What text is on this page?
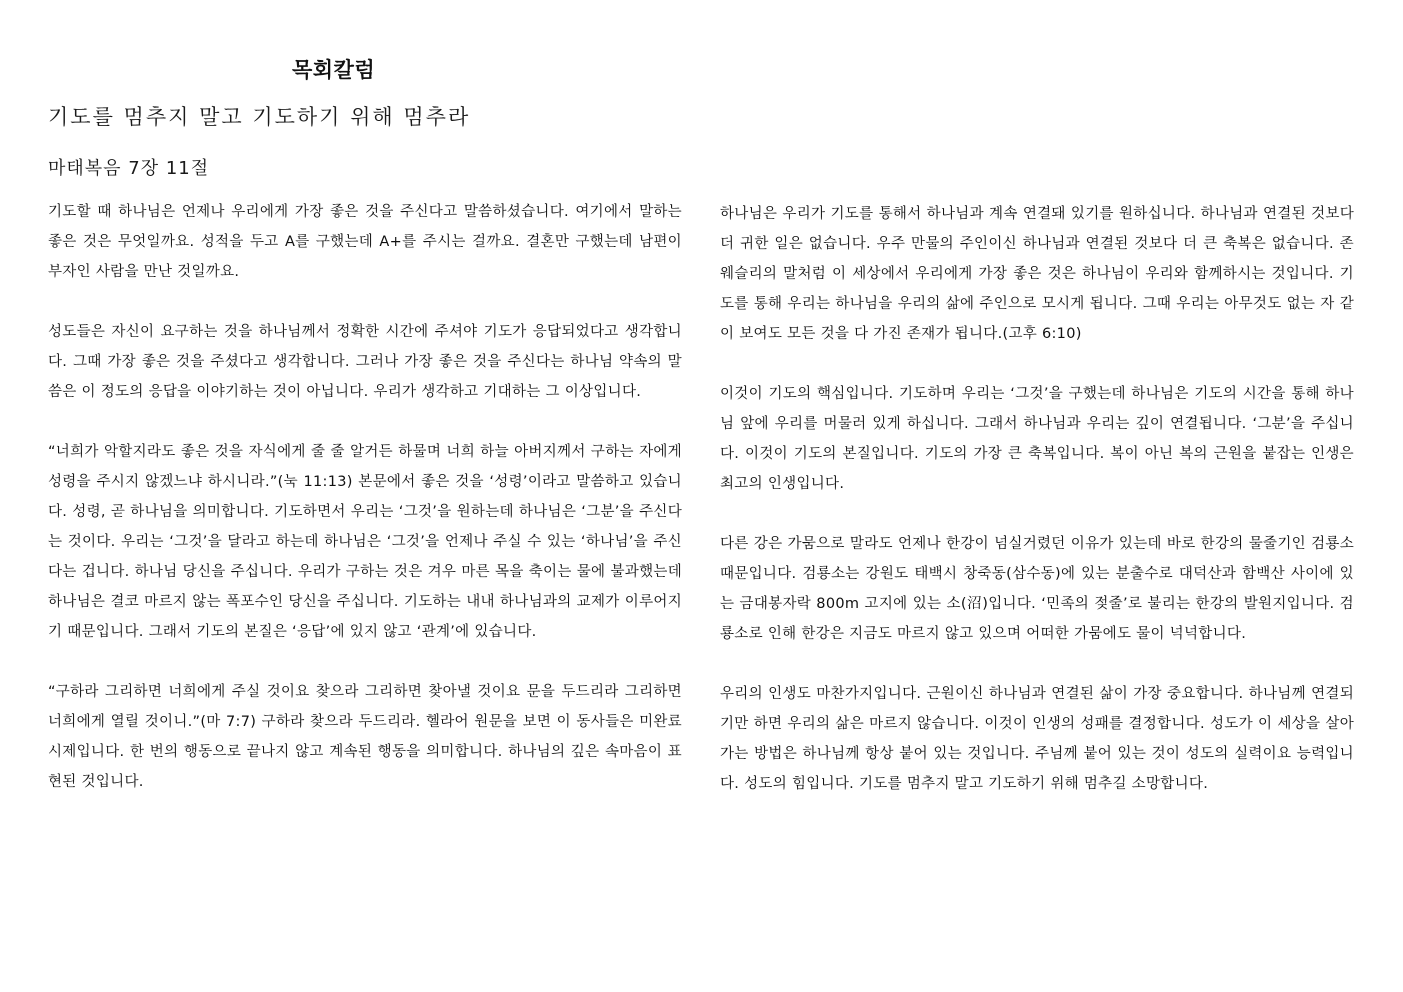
목회칼럼
기도를 멈추지 말고 기도하기 위해 멈추라
마태복음 7장 11절

기도할 때 하나님은 언제나 우리에게 가장 좋은 것을 주신다고 말씀하셨습니다. 여기에서 말하는 좋은 것은 무엇일까요. 성적을 두고 A를 구했는데 A+를 주시는 걸까요. 결혼만 구했는데 남편이 부자인 사람을 만난 것일까요.

성도들은 자신이 요구하는 것을 하나님께서 정확한 시간에 주셔야 기도가 응답되었다고 생각합니다. 그때 가장 좋은 것을 주셨다고 생각합니다. 그러나 가장 좋은 것을 주신다는 하나님 약속의 말씀은 이 정도의 응답을 이야기하는 것이 아닙니다. 우리가 생각하고 기대하는 그 이상입니다.

“너희가 악할지라도 좋은 것을 자식에게 줄 줄 알거든 하물며 너희 하늘 아버지께서 구하는 자에게 성령을 주시지 않겠느냐 하시니라.”(눅 11:13) 본문에서 좋은 것을 ‘성령’이라고 말씀하고 있습니다. 성령, 곧 하나님을 의미합니다. 기도하면서 우리는 ‘그것’을 원하는데 하나님은 ‘그분’을 주신다는 것이다. 우리는 ‘그것’을 달라고 하는데 하나님은 ‘그것’을 언제나 주실 수 있는 ‘하나님’을 주신다는 겁니다. 하나님 당신을 주십니다. 우리가 구하는 것은 겨우 마른 목을 축이는 물에 불과했는데 하나님은 결코 마르지 않는 폭포수인 당신을 주십니다. 기도하는 내내 하나님과의 교제가 이루어지기 때문입니다. 그래서 기도의 본질은 ‘응답’에 있지 않고 ‘관계’에 있습니다.

“구하라 그리하면 너희에게 주실 것이요 찾으라 그리하면 찾아낼 것이요 문을 두드리라 그리하면 너희에게 열릴 것이니.”(마 7:7) 구하라 찾으라 두드리라. 헬라어 원문을 보면 이 동사들은 미완료시제입니다. 한 번의 행동으로 끝나지 않고 계속된 행동을 의미합니다. 하나님의 깊은 속마음이 표현된 것입니다.

하나님은 우리가 기도를 통해서 하나님과 계속 연결돼 있기를 원하십니다. 하나님과 연결된 것보다 더 귀한 일은 없습니다. 우주 만물의 주인이신 하나님과 연결된 것보다 더 큰 축복은 없습니다. 존 웨슬리의 말처럼 이 세상에서 우리에게 가장 좋은 것은 하나님이 우리와 함께하시는 것입니다. 기도를 통해 우리는 하나님을 우리의 삶에 주인으로 모시게 됩니다. 그때 우리는 아무것도 없는 자 같이 보여도 모든 것을 다 가진 존재가 됩니다.(고후 6:10)

이것이 기도의 핵심입니다. 기도하며 우리는 ‘그것’을 구했는데 하나님은 기도의 시간을 통해 하나님 앞에 우리를 머물러 있게 하십니다. 그래서 하나님과 우리는 깊이 연결됩니다. ‘그분’을 주십니다. 이것이 기도의 본질입니다. 기도의 가장 큰 축복입니다. 복이 아닌 복의 근원을 붙잡는 인생은 최고의 인생입니다.

다른 강은 가뭄으로 말라도 언제나 한강이 넘실거렸던 이유가 있는데 바로 한강의 물줄기인 검룡소 때문입니다. 검룡소는 강원도 태백시 창죽동(삼수동)에 있는 분출수로 대덕산과 함백산 사이에 있는 금대봉자락 800m 고지에 있는 소(沼)입니다. ‘민족의 젖줄’로 불리는 한강의 발원지입니다. 검룡소로 인해 한강은 지금도 마르지 않고 있으며 어떠한 가뭄에도 물이 넉넉합니다.

우리의 인생도 마찬가지입니다. 근원이신 하나님과 연결된 삶이 가장 중요합니다. 하나님께 연결되기만 하면 우리의 삶은 마르지 않습니다. 이것이 인생의 성패를 결정합니다. 성도가 이 세상을 살아가는 방법은 하나님께 항상 붙어 있는 것입니다. 주님께 붙어 있는 것이 성도의 실력이요 능력입니다. 성도의 힘입니다. 기도를 멈추지 말고 기도하기 위해 멈추길 소망합니다.
